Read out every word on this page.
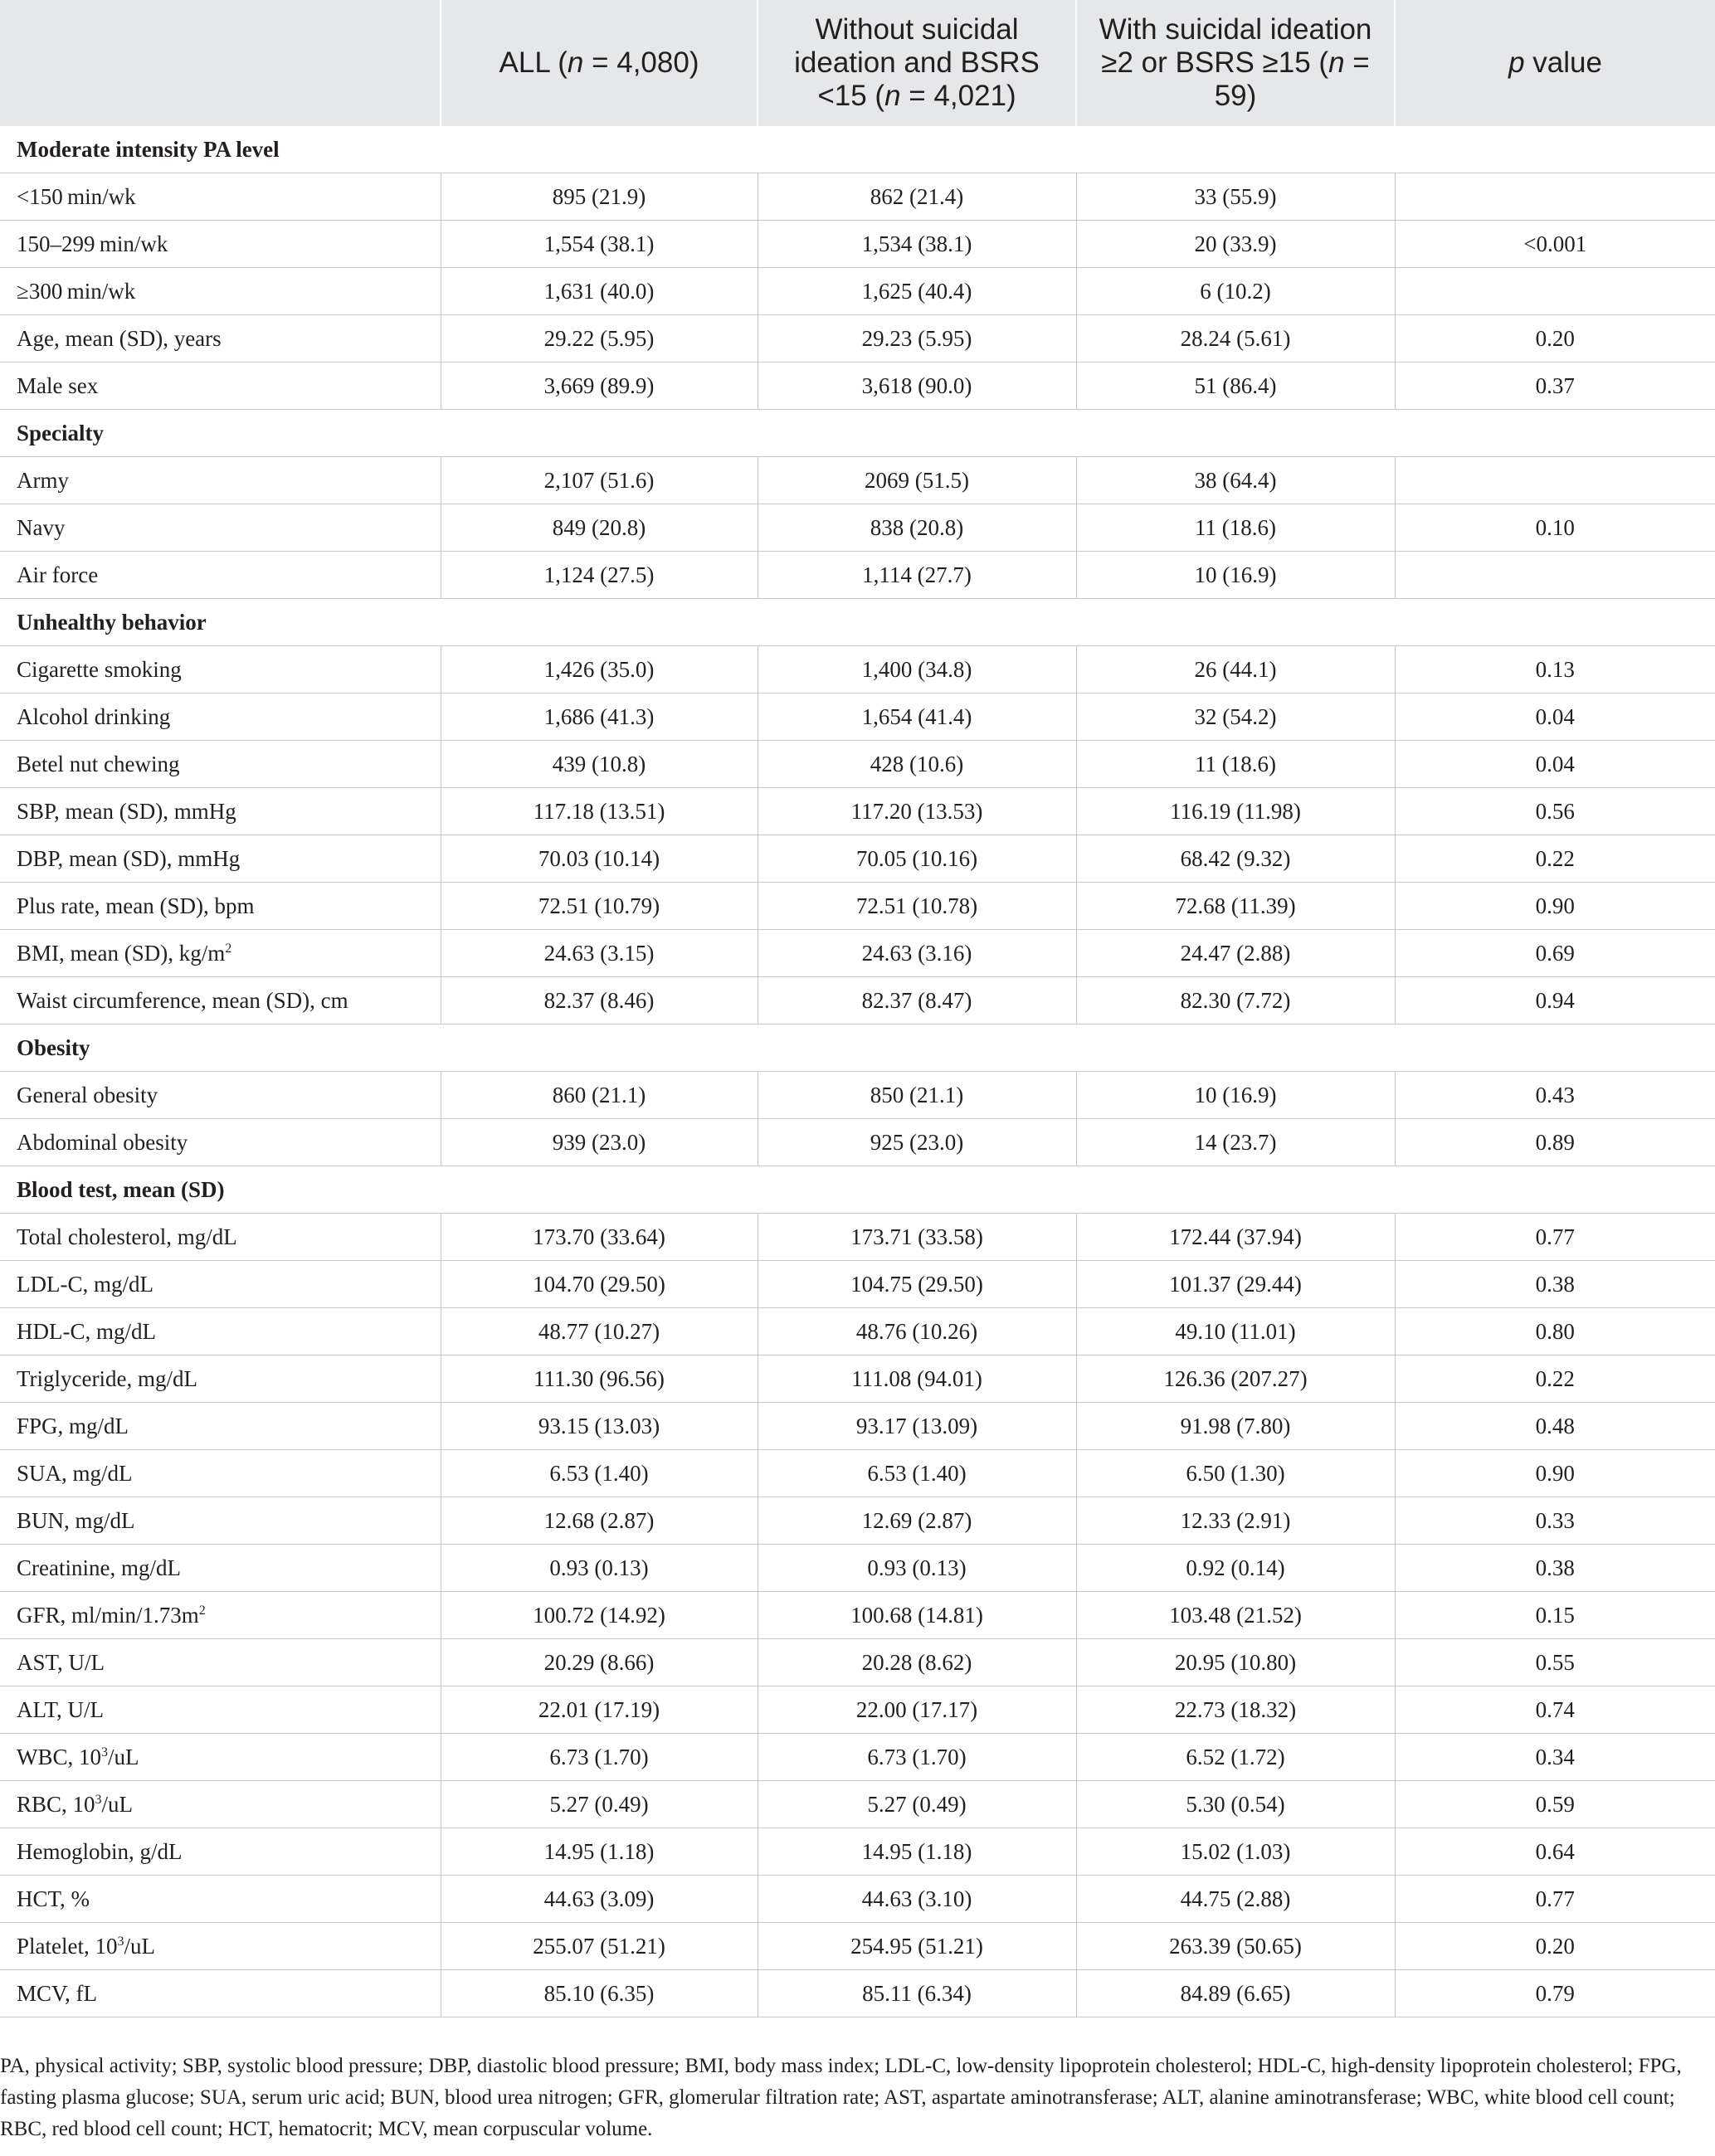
	ALL (n = 4,080)	Without suicidal ideation and BSRS <15 (n = 4,021)	With suicidal ideation ≥2 or BSRS ≥15 (n = 59)	p value
Moderate intensity PA level				
<150 min/wk	895 (21.9)	862 (21.4)	33 (55.9)	
150–299 min/wk	1,554 (38.1)	1,534 (38.1)	20 (33.9)	<0.001
≥300 min/wk	1,631 (40.0)	1,625 (40.4)	6 (10.2)	
Age, mean (SD), years	29.22 (5.95)	29.23 (5.95)	28.24 (5.61)	0.20
Male sex	3,669 (89.9)	3,618 (90.0)	51 (86.4)	0.37
Specialty				
Army	2,107 (51.6)	2069 (51.5)	38 (64.4)	
Navy	849 (20.8)	838 (20.8)	11 (18.6)	0.10
Air force	1,124 (27.5)	1,114 (27.7)	10 (16.9)	
Unhealthy behavior				
Cigarette smoking	1,426 (35.0)	1,400 (34.8)	26 (44.1)	0.13
Alcohol drinking	1,686 (41.3)	1,654 (41.4)	32 (54.2)	0.04
Betel nut chewing	439 (10.8)	428 (10.6)	11 (18.6)	0.04
SBP, mean (SD), mmHg	117.18 (13.51)	117.20 (13.53)	116.19 (11.98)	0.56
DBP, mean (SD), mmHg	70.03 (10.14)	70.05 (10.16)	68.42 (9.32)	0.22
Plus rate, mean (SD), bpm	72.51 (10.79)	72.51 (10.78)	72.68 (11.39)	0.90
BMI, mean (SD), $kg/m^2$	24.63 (3.15)	24.63 (3.16)	24.47 (2.88)	0.69
Waist circumference, mean (SD), cm	82.37 (8.46)	82.37 (8.47)	82.30 (7.72)	0.94
Obesity				
General obesity	860 (21.1)	850 (21.1)	10 (16.9)	0.43
Abdominal obesity	939 (23.0)	925 (23.0)	14 (23.7)	0.89
Blood test, mean (SD)				
Total cholesterol, mg/dL	173.70 (33.64)	173.71 (33.58)	172.44 (37.94)	0.77
LDL-C, mg/dL	104.70 (29.50)	104.75 (29.50)	101.37 (29.44)	0.38
HDL-C, mg/dL	48.77 (10.27)	48.76 (10.26)	49.10 (11.01)	0.80
Triglyceride, mg/dL	111.30 (96.56)	111.08 (94.01)	126.36 (207.27)	0.22
FPG, mg/dL	93.15 (13.03)	93.17 (13.09)	91.98 (7.80)	0.48
SUA, mg/dL	6.53 (1.40)	6.53 (1.40)	6.50 (1.30)	0.90
BUN, mg/dL	12.68 (2.87)	12.69 (2.87)	12.33 (2.91)	0.33
Creatinine, mg/dL	0.93 (0.13)	0.93 (0.13)	0.92 (0.14)	0.38
GFR, $ml/\min/1.73m^2$	100.72 (14.92)	100.68 (14.81)	103.48 (21.52)	0.15
AST, U/L	20.29 (8.66)	20.28 (8.62)	20.95 (10.80)	0.55
ALT, U/L	22.01 (17.19)	22.00 (17.17)	22.73 (18.32)	0.74
WBC, $10^3/uL$	6.73 (1.70)	6.73 (1.70)	6.52 (1.72)	0.34
RBC, $10^3/uL$	5.27 (0.49)	5.27 (0.49)	5.30 (0.54)	0.59
Hemoglobin, g/dL	14.95 (1.18)	14.95 (1.18)	15.02 (1.03)	0.64
HCT, %	44.63 (3.09)	44.63 (3.10)	44.75 (2.88)	0.77
Platelet, $10^3/uL$	255.07 (51.21)	254.95 (51.21)	263.39 (50.65)	0.20
MCV, fL	85.10 (6.35)	85.11 (6.34)	84.89 (6.65)	0.79
PA, physical activity; SBP, systolic blood pressure; DBP, diastolic blood pressure; BMI, body mass index; LDL-C, low-density lipoprotein cholesterol; HDL-C, high-density lipoprotein cholesterol; FPG, fasting plasma glucose; SUA, serum uric acid; BUN, blood urea nitrogen; GFR, glomerular filtration rate; AST, aspartate aminotransferase; ALT, alanine aminotransferase; WBC, white blood cell count; RBC, red blood cell count; HCT, hematocrit; MCV, mean corpuscular volume.
